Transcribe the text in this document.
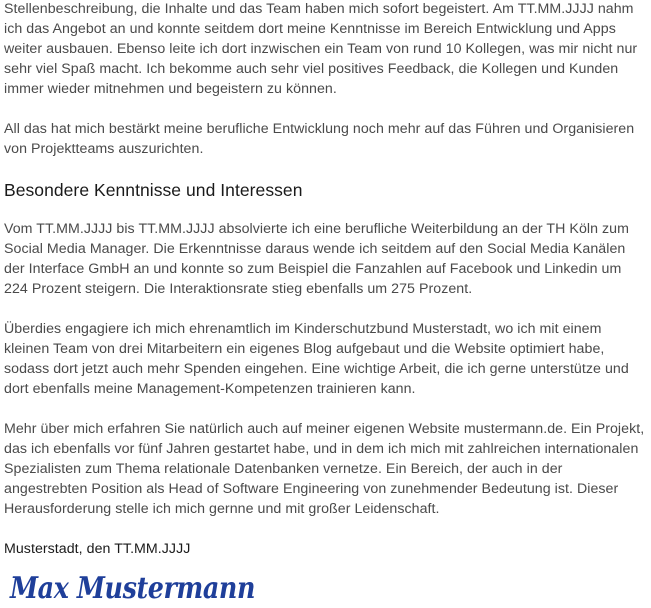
Stellenbeschreibung, die Inhalte und das Team haben mich sofort begeistert. Am TT.MM.JJJJ nahm ich das Angebot an und konnte seitdem dort meine Kenntnisse im Bereich Entwicklung und Apps weiter ausbauen. Ebenso leite ich dort inzwischen ein Team von rund 10 Kollegen, was mir nicht nur sehr viel Spaß macht. Ich bekomme auch sehr viel positives Feedback, die Kollegen und Kunden immer wieder mitnehmen und begeistern zu können.

All das hat mich bestärkt meine berufliche Entwicklung noch mehr auf das Führen und Organisieren von Projektteams auszurichten.

Besondere Kenntnisse und Interessen

Vom TT.MM.JJJJ bis TT.MM.JJJJ absolvierte ich eine berufliche Weiterbildung an der TH Köln zum Social Media Manager. Die Erkenntnisse daraus wende ich seitdem auf den Social Media Kanälen der Interface GmbH an und konnte so zum Beispiel die Fanzahlen auf Facebook und Linkedin um 224 Prozent steigern. Die Interaktionsrate stieg ebenfalls um 275 Prozent.

Überdies engagiere ich mich ehrenamtlich im Kinderschutzbund Musterstadt, wo ich mit einem kleinen Team von drei Mitarbeitern ein eigenes Blog aufgebaut und die Website optimiert habe, sodass dort jetzt auch mehr Spenden eingehen. Eine wichtige Arbeit, die ich gerne unterstütze und dort ebenfalls meine Management-Kompetenzen trainieren kann.

Mehr über mich erfahren Sie natürlich auch auf meiner eigenen Website mustermann.de. Ein Projekt, das ich ebenfalls vor fünf Jahren gestartet habe, und in dem ich mich mit zahlreichen internationalen Spezialisten zum Thema relationale Datenbanken vernetze. Ein Bereich, der auch in der angestrebten Position als Head of Software Engineering von zunehmender Bedeutung ist. Dieser Herausforderung stelle ich mich gernne und mit großer Leidenschaft.

Musterstadt, den TT.MM.JJJJ

Max Mustermann
